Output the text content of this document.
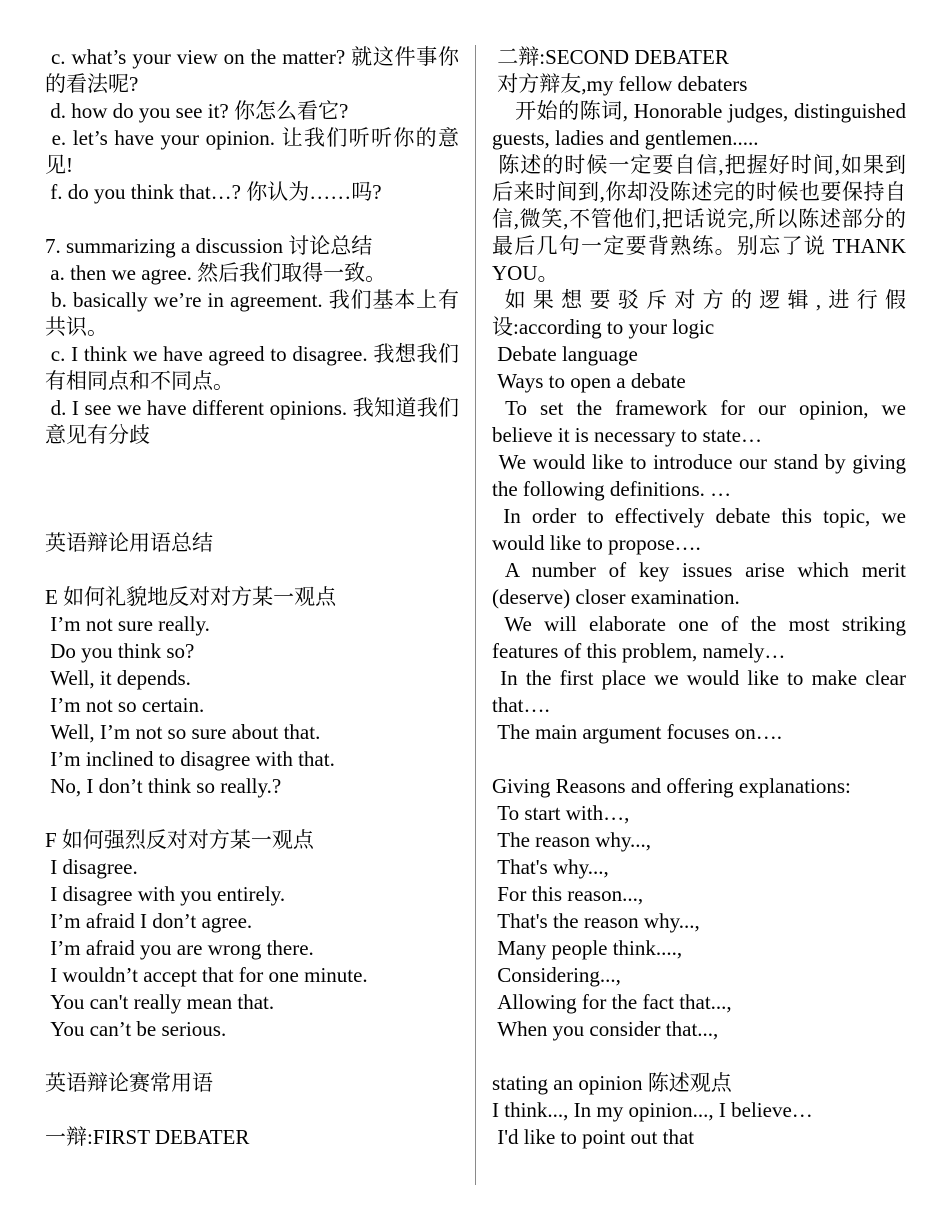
c. what’s your view on the matter? 就这件事你的看法呢?
d. how do you see it? 你怎么看它?
e. let’s have your opinion. 让我们听听你的意见!
f. do you think that…? 你认为……吗?
7. summarizing a discussion 讨论总结
a. then we agree. 然后我们取得一致。
b. basically we’re in agreement. 我们基本上有共识。
c. I think we have agreed to disagree. 我想我们有相同点和不同点。
d. I see we have different opinions. 我知道我们意见有分歧
英语辩论用语总结
E 如何礼貌地反对对方某一观点
I’m not sure really.
Do you think so?
Well, it depends.
I’m not so certain.
Well, I’m not so sure about that.
I’m inclined to disagree with that.
No, I don’t think so really.?
F 如何强烈反对对方某一观点
I disagree.
I disagree with you entirely.
I’m afraid I don’t agree.
I’m afraid you are wrong there.
I wouldn’t accept that for one minute.
You can't really mean that.
You can’t be serious.
英语辩论赛常用语
一辩:FIRST DEBATER
二辩:SECOND DEBATER
对方辩友,my fellow debaters
开始的陈词, Honorable judges, distinguished guests, ladies and gentlemen.....
陈述的时候一定要自信,把握好时间,如果到后来时间到,你却没陈述完的时候也要保持自信,微笑,不管他们,把话说完,所以陈述部分的最后几句一定要背熟练。别忘了说 THANK YOU。
如果想要驳斥对方的逻辑,进行假设:according to your logic
Debate language
Ways to open a debate
To set the framework for our opinion, we believe it is necessary to state…
We would like to introduce our stand by giving the following definitions. …
In order to effectively debate this topic, we would like to propose….
A number of key issues arise which merit (deserve) closer examination.
We will elaborate one of the most striking features of this problem, namely…
In the first place we would like to make clear that….
The main argument focuses on….
Giving Reasons and offering explanations:
To start with…,
The reason why...,
That's why...,
For this reason...,
That's the reason why...,
Many people think....,
Considering...,
Allowing for the fact that...,
When you consider that...,
stating an opinion 陈述观点
I think..., In my opinion..., I believe…
I'd like to point out that
